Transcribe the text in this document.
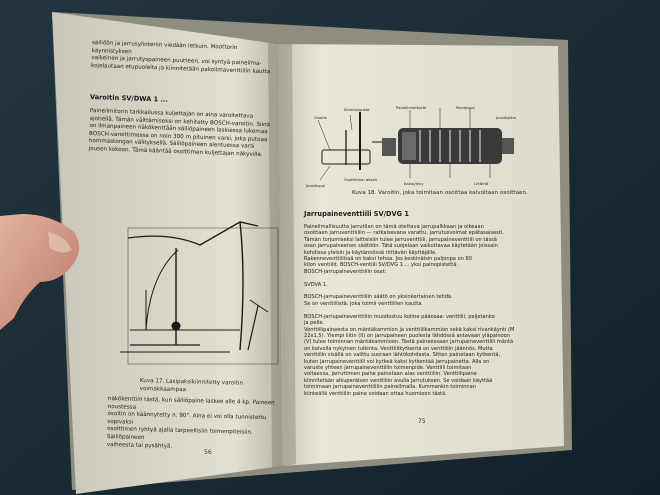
säiliöön ja jarrusylinteriin viedään letkuin. Moottorin käynnistyksen
vaikeinen ja jarrutyspaineen puutteen, voi syntyä paineilma-
kojelautaan etupuolelta ja kiinnitetään pakoilmaventtiilin kautta.

Varoitin SV/DWA 1 ...

Paineilmitorin tarkkailussa kuljettajan on aina varoitettava
ajotiellä. Tämän välttämiseksi on kehitetty BOSCH-varoitin. Siinä
on ilmanpaineen näkökenttään säiliöpaineen laskiessa lukemaa
BOSCH-varoittimessa on noin 300 m pituinen varsi, joka putoaa
hommastongan välityksellä. Säiliöpaineen alentuessa varsi
jousen kokoon. Tämä kääntää osoittimen kuljettajan näkyville.

Kuva 17. Lasipaksikiinnitetty varoitin voimakkaampaa

näkökenttiin tästä, kun säiliöpaine laskee alle 4 kp. Paineen noustessa
osoitin on käännytetty n. 90°. Aina ei voi olla tunnistettu sopivaksi
osoittimen ryhtyä ajalla tarpeellisiin toimenpiteisiin. Säiliöpaineen
vaiheesta tai pysähtyä.

56

Osoitin
Kiinnityspiste	Paineilmakäyttö	Painejousi
Jousikytkin
Jousikuppi
Osoittimen akseli
Kalvo/levy	Liitäntä

Kuva 18. Varoitin, joka toimitaan osoittaa kalvoltaan osoittaen.

Jarrupaineventtiili SV/DVG 1

Paineilmallisuutta jarrutilan on tämä otettava jarrupalkkaan ja oikeaan
osoittaen jarruventtiiliin — ratkaisevana varattu, jarrutusvoimat epätasaisesti.
Tämän torjumiseksi laitteisiin tulee jarruventtiili, jarrupaineventtiili on tässä
osan jarrupaineenen säätöön. Tätä suojelaan vaikuttavaa käytetään joissain
kohdissa yleisin ja käytännössä riittävän käyttäjälle.
Rakenneventtiilissä on kaksi tehoa. Jos keskinäisin paljonpa on 80
kilon ventiilit. BOSCH-ventiili SV/DVG 1 ... yksi painopistettä.
BOSCH-jarrupaineventtiilin osat:

SVDVA 1.

BOSCH-jarrupaineventtiilin säätö on yksinkertainen tehdä.
Se on venttiilistä, joka toimii venttiilien kautta.

BOSCH-jarrupaineventtiilin muodostuu kolme pääosaa: venttiili, paljetanko
ja pelle.
Venttiilipaineesta on mäntäkammion ja venttiilikammion sekä kaksi rivankäynti (M
22x1,5). Ylempi liitin (II) on jarrupaineen puolesta lähdössä antavaan yläpainoon
(V) tulee toiminnan mäntäkammioon. Tästä paineessaan jarrupaineventtiili mäntä
on kalvolla nykyinen tulkinta. Venttiilikytkentä on venttiilin jäännös. Mutta
venttiilin sisällä on valittu suoraan lähtökohdasta. Sitten painetaan kytkentä,
kuten jarrupaineventtiili voi kytkeä kaksi kytkentää jarrupainetta. Alla on
varuste yhteen jarrupaineventtiilin toimenpide. Venttiili toimitaan
voitaessa, jarruttimen paine painetaan alas venttiiliin. Venttiilipaine
kiinnitetään alkuperäisen venttiilin avulla jarrutuksen. Se voidaan käyttää
toimimaan jarrupaineventtiiliin paineilmalla. Kummankin toiminnan
kiinteällä venttiilin paine voidaan ottaa huomioon tästä.

75
